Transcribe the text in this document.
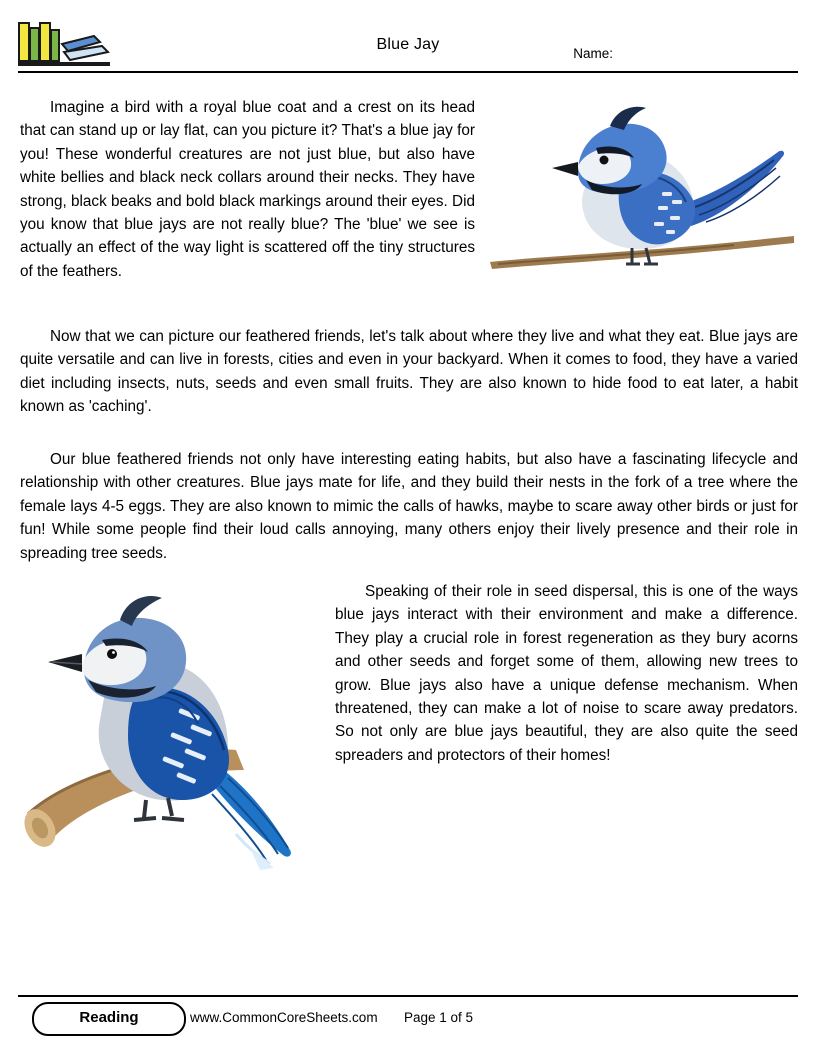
Blue Jay
Name:

Imagine a bird with a royal blue coat and a crest on its head that can stand up or lay flat, can you picture it? That's a blue jay for you! These wonderful creatures are not just blue, but also have white bellies and black neck collars around their necks. They have strong, black beaks and bold black markings around their eyes. Did you know that blue jays are not really blue? The 'blue' we see is actually an effect of the way light is scattered off the tiny structures of the feathers.

Now that we can picture our feathered friends, let's talk about where they live and what they eat. Blue jays are quite versatile and can live in forests, cities and even in your backyard. When it comes to food, they have a varied diet including insects, nuts, seeds and even small fruits. They are also known to hide food to eat later, a habit known as 'caching'.

Our blue feathered friends not only have interesting eating habits, but also have a fascinating lifecycle and relationship with other creatures. Blue jays mate for life, and they build their nests in the fork of a tree where the female lays 4-5 eggs. They are also known to mimic the calls of hawks, maybe to scare away other birds or just for fun! While some people find their loud calls annoying, many others enjoy their lively presence and their role in spreading tree seeds.

Speaking of their role in seed dispersal, this is one of the ways blue jays interact with their environment and make a difference. They play a crucial role in forest regeneration as they bury acorns and other seeds and forget some of them, allowing new trees to grow. Blue jays also have a unique defense mechanism. When threatened, they can make a lot of noise to scare away predators. So not only are blue jays beautiful, they are also quite the seed spreaders and protectors of their homes!

Reading	www.CommonCoreSheets.com Page 1 of 5
